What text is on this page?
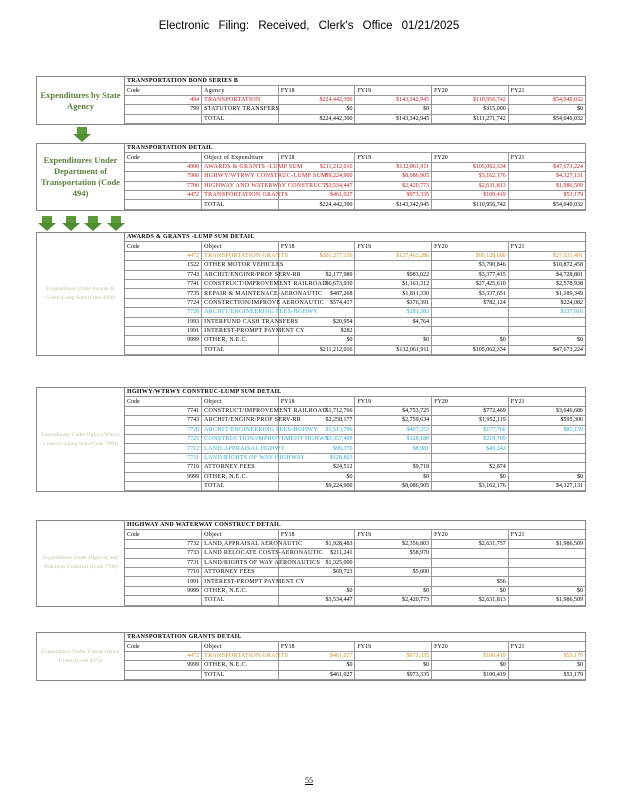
Electronic Filing: Received, Clerk's Office 01/21/2025
Expenditures by State Agency
TRANSPORTATION BOND SERIES B					
Code	Agency	FY18	FY19	FY20	FY21
494	TRANSPORTATION	$224,442,390	$143,342,945	$110,956,742	$54,040,032
799	STATUTORY TRANSFERS	$0	$0	$315,000	$0
	TOTAL	$224,442,390	$143,342,945	$111,271,742	$54,040,032
Expenditures Under Department of Transportation (Code 494)
TRANSPORTATION DETAIL					
Code	Object of Expenditure	FY18	FY19	FY20	FY21
4900	AWARDS & GRANTS -LUMP SUM	$211,212,016	$132,061,911	$105,062,334	$47,673,224
7900	HGHWY/WTRWY CONSTRUC-LUMP SUM	$9,224,900	$8,086,905	$3,162,176	$4,327,131
7700	HIGHWAY AND WATERWAY CONSTRUCT	$3,534,447	$2,420,773	$2,631,813	$1,986,509
4472	TRANSPORTATION GRANTS	$461,027	$973,335	$100,419	$53,179
	TOTAL	$224,442,390	$143,342,945	$110,956,742	$54,040,032
Expenditures Under Awards & Grants Lump Sum (Code 4900)
AWARDS & GRANTS -LUMP SUM DETAIL					
Code	Object	FY18	FY19	FY20	FY21
4472	TRANSPORTATION GRANTS	$201,277,156	$127,463,286	$95,128,686	$27,631,491
1522	OTHER MOTOR VEHICLES			$3,790,846	$10,872,458
7743	ARCHIT/ENGINR/PROF SERV-RR	$2,177,989	$983,022	$3,377,415	$4,728,801
7741	CONSTRUCT/IMPROVEMENT RAILROAD	$6,673,930	$1,161,312	$27,425,610	$2,578,938
7735	REPAIR & MAINTENACE-AERONAUTIC	$487,268	$1,811,330	$3,337,651	$1,189,349
7724	CONSTRCTION/IMPROVE AERONAUTIC	$574,417	$376,391	$782,124	$224,082
7728	ARCHIT/ENGINEERING FEES-HGHWY		$281,383		$137,916
1993	INTERFUND CASH TRANSFERS	$20,954	$4,764		
1991	INTEREST-PROMPT PAYMENT CY	$282			
9999	OTHER, N.E.C.	$0	$0	$0	$0
	TOTAL	$211,212,016	$132,061,911	$105,062,334	$47,673,224
Expenditures Under Hghwy/Wtrwy Construc Lump Sum (Code 7900)
HGHWY/WTRWY CONSTRUC-LUMP SUM DETAIL					
Code	Object	FY18	FY19	FY20	FY21
7741	CONSTRUCT/IMPROVEMENT RAILROAD	$1,712,766	$4,753,725	$772,469	$3,646,686
7743	ARCHIT/ENGINR/PROF SERV-RR	$2,258,177	$2,759,634	$1,952,119	$595,306
7728	ARCHIT/ENGINEERING FEES-HGHWY	$1,513,796	$407,353	$177,766	$85,139
7725	CONSTRUCTION/IMPROVEMENT HGHWY	$3,357,409	$128,180	$219,709	
7712	LAND,APPRAISAL HGHWY	$99,376	$8,981	$40,242	
7711	LAND/RIGHTS OF WAY HIGHWAY	$128,863			
7710	ATTORNEY FEES	$24,512	$9,718	$2,874	
9999	OTHER, N.E.C.	$0	$0	$0	$0
	TOTAL	$9,224,900	$8,086,905	$3,162,176	$4,327,131
Expenditures Under Highway and Waterway Construct (Code 7700)
HIGHWAY AND WATERWAY CONSTRUCT DETAIL					
Code	Object	FY18	FY19	FY20	FY21
7732	LAND,APPRAISAL AERONAUTIC	$1,928,483	$2,356,803	$2,631,757	$1,986,509
7733	LAND RELOCATE COSTS-AERONAUTIC	$211,241	$58,970		
7731	LAND/RIGHTS OF WAY AERONAUTICS	$1,325,000			
7710	ATTORNEY FEES	$69,723	$5,000		
1991	INTEREST-PROMPT PAYMENT CY			$56	
9999	OTHER, N.E.C.	$0	$0	$0	$0
	TOTAL	$3,534,447	$2,420,773	$2,631,813	$1,986,509
Expenditures Under Transportation Grants (Code 4472)
TRANSPORTATION GRANTS DETAIL					
Code	Object	FY18	FY19	FY20	FY21
4472	TRANSPORTATION GRANTS	$461,027	$973,335	$100,419	$53,179
9999	OTHER, N.E.C.	$0	$0	$0	$0
	TOTAL	$461,027	$973,335	$100,419	$53,179
55
